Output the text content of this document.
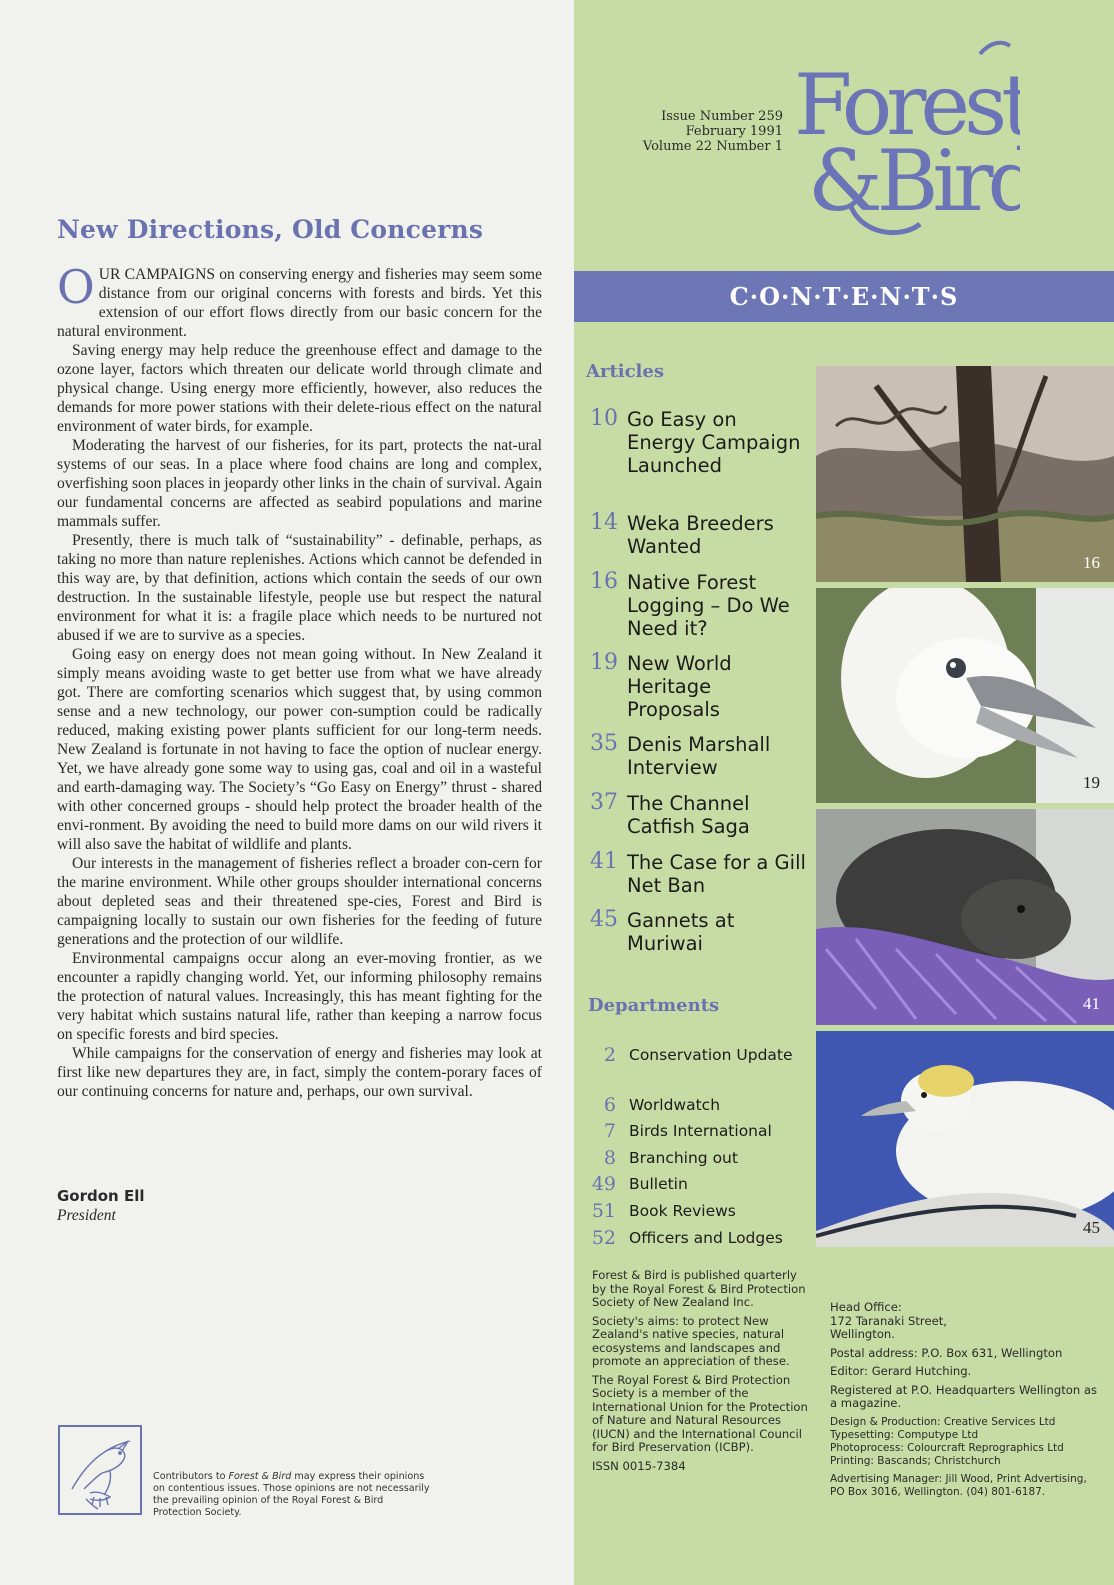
New Directions, Old Concerns

OUR CAMPAIGNS on conserving energy and fisheries may seem some distance from our original concerns with forests and birds. Yet this extension of our effort flows directly from our basic concern for the natural environment.

Saving energy may help reduce the greenhouse effect and damage to the ozone layer, factors which threaten our delicate world through climate and physical change. Using energy more efficiently, however, also reduces the demands for more power stations with their delete-rious effect on the natural environment of water birds, for example.

Moderating the harvest of our fisheries, for its part, protects the nat-ural systems of our seas. In a place where food chains are long and complex, overfishing soon places in jeopardy other links in the chain of survival. Again our fundamental concerns are affected as seabird populations and marine mammals suffer.

Presently, there is much talk of “sustainability” - definable, perhaps, as taking no more than nature replenishes. Actions which cannot be defended in this way are, by that definition, actions which contain the seeds of our own destruction. In the sustainable lifestyle, people use but respect the natural environment for what it is: a fragile place which needs to be nurtured not abused if we are to survive as a species.

Going easy on energy does not mean going without. In New Zealand it simply means avoiding waste to get better use from what we have already got. There are comforting scenarios which suggest that, by using common sense and a new technology, our power con-sumption could be radically reduced, making existing power plants sufficient for our long-term needs. New Zealand is fortunate in not having to face the option of nuclear energy. Yet, we have already gone some way to using gas, coal and oil in a wasteful and earth-damaging way. The Society’s “Go Easy on Energy” thrust - shared with other concerned groups - should help protect the broader health of the envi-ronment. By avoiding the need to build more dams on our wild rivers it will also save the habitat of wildlife and plants.

Our interests in the management of fisheries reflect a broader con-cern for the marine environment. While other groups shoulder international concerns about depleted seas and their threatened spe-cies, Forest and Bird is campaigning locally to sustain our own fisheries for the feeding of future generations and the protection of our wildlife.

Environmental campaigns occur along an ever-moving frontier, as we encounter a rapidly changing world. Yet, our informing philosophy remains the protection of natural values. Increasingly, this has meant fighting for the very habitat which sustains natural life, rather than keeping a narrow focus on specific forests and bird species.

While campaigns for the conservation of energy and fisheries may look at first like new departures they are, in fact, simply the contem-porary faces of our continuing concerns for nature and, perhaps, our own survival.

Gordon Ell
President
Contributors to Forest & Bird may express their opinions on contentious issues. Those opinions are not necessarily the prevailing opinion of the Royal Forest & Bird Protection Society.
Issue Number 259
February 1991
Volume 22 Number 1 Forest
&Bird
C·O·N·T·E·N·T·S
Articles
10 Go Easy on Energy Campaign Launched
14 Weka Breeders Wanted
16 Native Forest Logging – Do We Need it?
19 New World Heritage Proposals
35 Denis Marshall Interview
37 The Channel Catfish Saga
41 The Case for a Gill Net Ban
45 Gannets at Muriwai
Departments
2 Conservation Update
6 Worldwatch
7 Birds International
8 Branching out
49 Bulletin
51 Book Reviews
52 Officers and Lodges
16
19
41
45

Forest & Bird is published quarterly by the Royal Forest & Bird Protection Society of New Zealand Inc.

Society's aims: to protect New Zealand's native species, natural ecosystems and landscapes and promote an appreciation of these.

The Royal Forest & Bird Protection Society is a member of the International Union for the Protection of Nature and Natural Resources (IUCN) and the International Council for Bird Preservation (ICBP).

ISSN 0015-7384

Head Office:

172 Taranaki Street,

Wellington.

Postal address: P.O. Box 631, Wellington

Editor: Gerard Hutching.

Registered at P.O. Headquarters Wellington as a magazine.

Design & Production: Creative Services Ltd

Typesetting: Computype Ltd

Photoprocess: Colourcraft Reprographics Ltd

Printing: Bascands; Christchurch

Advertising Manager: Jill Wood, Print Advertising, PO Box 3016, Wellington. (04) 801-6187.
